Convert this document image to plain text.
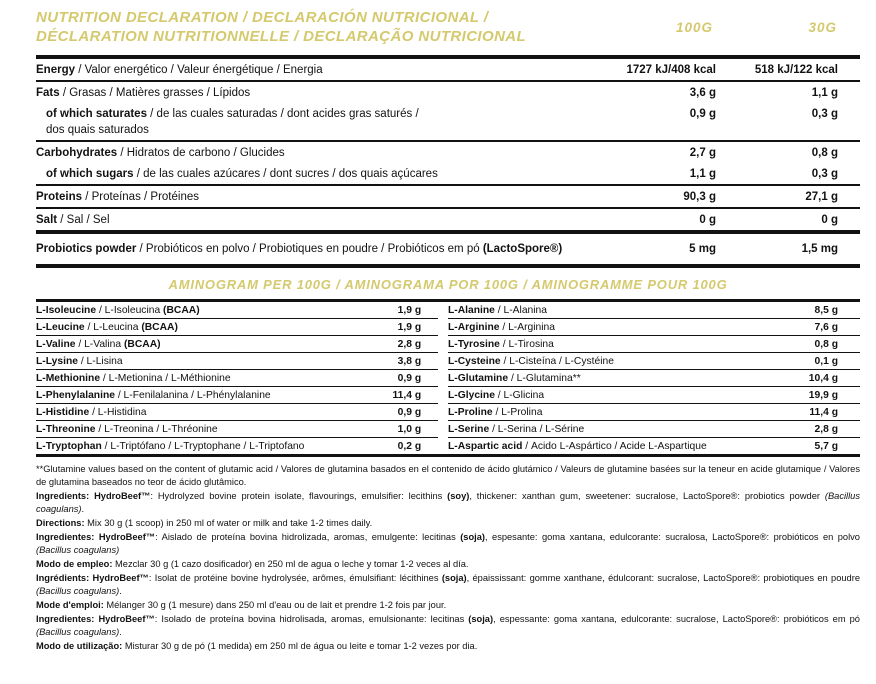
NUTRITION DECLARATION / DECLARACIÓN NUTRICIONAL /
DÉCLARATION NUTRITIONNELLE / DECLARAÇÃO NUTRICIONAL
100G	30G
Energy / Valor energético / Valeur énergétique / Energia	1727 kJ/408 kcal	518 kJ/122 kcal
Fats / Grasas / Matières grasses / Lípidos	3,6 g	1,1 g
of which saturates / de las cuales saturadas / dont acides gras saturés /
dos quais saturados
0,9 g	0,3 g
Carbohydrates / Hidratos de carbono / Glucides	2,7 g	0,8 g
of which sugars / de las cuales azúcares / dont sucres / dos quais açúcares	1,1 g	0,3 g
Proteins / Proteínas / Protéines	90,3 g	27,1 g
Salt / Sal / Sel	0 g	0 g
Probiotics powder / Probióticos en polvo / Probiotiques en poudre / Probióticos em pó (LactoSpore®)	5 mg	1,5 mg
AMINOGRAM PER 100G / AMINOGRAMA POR 100G / AMINOGRAMME POUR 100G
L-Isoleucine / L-Isoleucina (BCAA)	1,9 g
L-Leucine / L-Leucina (BCAA)	1,9 g
L-Valine / L-Valina (BCAA)	2,8 g
L-Lysine / L-Lisina	3,8 g
L-Methionine / L-Metionina / L-Méthionine	0,9 g
L-Phenylalanine / L-Fenilalanina / L-Phénylalanine	11,4 g
L-Histidine / L-Histidina	0,9 g
L-Threonine / L-Treonina / L-Thréonine	1,0 g
L-Tryptophan / L-Triptófano / L-Tryptophane / L-Triptofano	0,2 g
L-Alanine / L-Alanina	8,5 g
L-Arginine / L-Arginina	7,6 g
L-Tyrosine / L-Tirosina	0,8 g
L-Cysteine / L-Cisteína / L-Cystéine	0,1 g
L-Glutamine / L-Glutamina**	10,4 g
L-Glycine / L-Glicina	19,9 g
L-Proline / L-Prolina	11,4 g
L-Serine / L-Serina / L-Sérine	2,8 g
L-Aspartic acid / Ácido L-Aspártico / Acide L-Aspartique	5,7 g

**Glutamine values based on the content of glutamic acid / Valores de glutamina basados en el contenido de ácido glutámico / Valeurs de glutamine basées sur la teneur en acide glutamique / Valores de glutamina baseados no teor de ácido glutâmico.

Ingredients: HydroBeef™: Hydrolyzed bovine protein isolate, flavourings, emulsifier: lecithins (soy), thickener: xanthan gum, sweetener: sucralose, LactoSpore®: probiotics powder (Bacillus coagulans).

Directions: Mix 30 g (1 scoop) in 250 ml of water or milk and take 1-2 times daily.

Ingredientes: HydroBeef™: Aislado de proteína bovina hidrolizada, aromas, emulgente: lecitinas (soja), espesante: goma xantana, edulcorante: sucralosa, LactoSpore®: probióticos en polvo (Bacillus coagulans)

Modo de empleo: Mezclar 30 g (1 cazo dosificador) en 250 ml de agua o leche y tomar 1-2 veces al día.

Ingrédients: HydroBeef™: Isolat de protéine bovine hydrolysée, arômes, émulsifiant: lécithines (soja), épaississant: gomme xanthane, édulcorant: sucralose, LactoSpore®: probiotiques en poudre (Bacillus coagulans).

Mode d'emploi: Mélanger 30 g (1 mesure) dans 250 ml d'eau ou de lait et prendre 1-2 fois par jour.

Ingredientes: HydroBeef™: Isolado de proteína bovina hidrolisada, aromas, emulsionante: lecitinas (soja), espessante: goma xantana, edulcorante: sucralose, LactoSpore®: probióticos em pó (Bacillus coagulans).

Modo de utilização: Misturar 30 g de pó (1 medida) em 250 ml de água ou leite e tomar 1-2 vezes por dia.
